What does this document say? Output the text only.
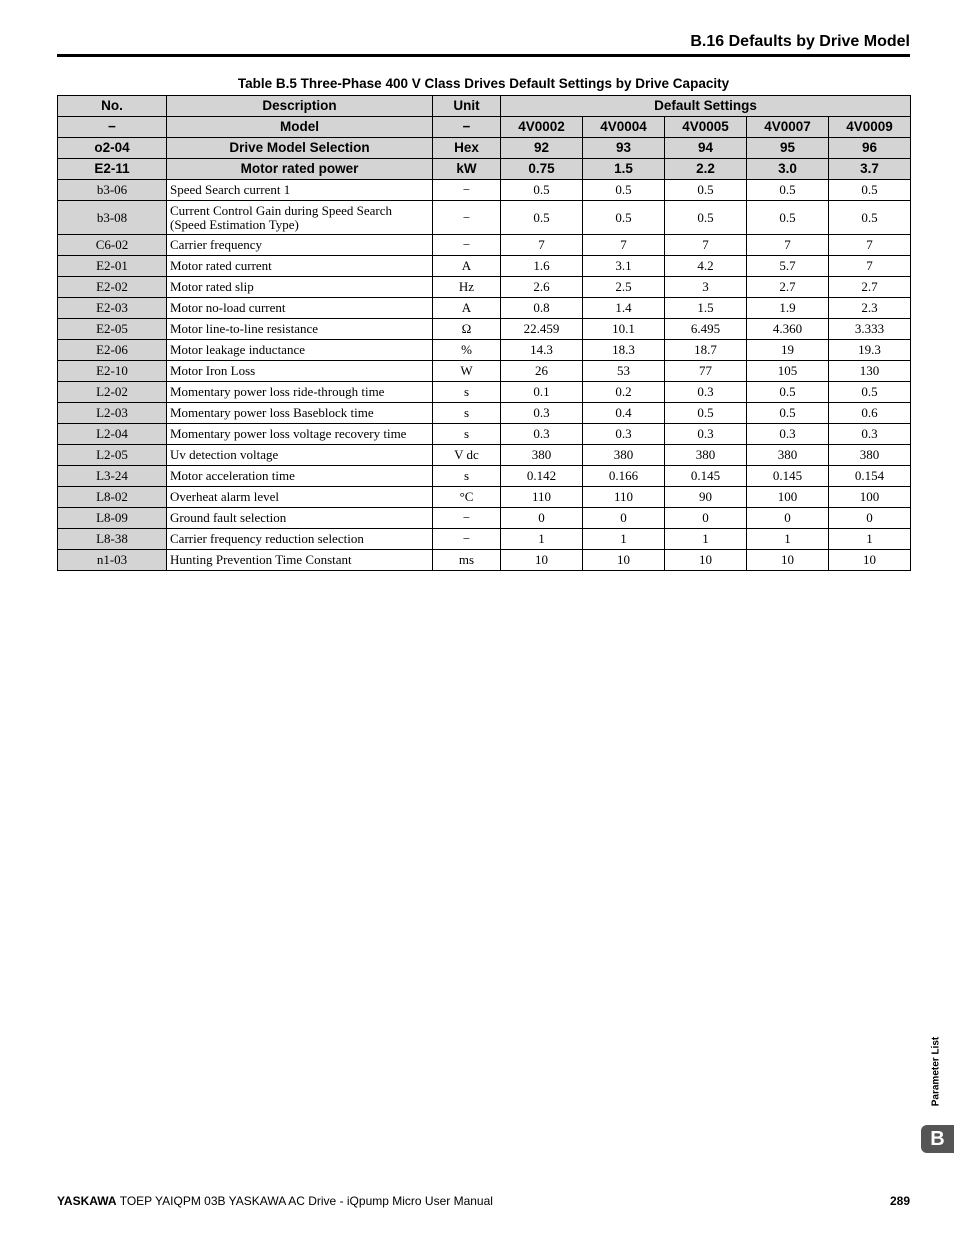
B.16 Defaults by Drive Model
Table B.5 Three-Phase 400 V Class Drives Default Settings by Drive Capacity
No.	Description	Unit	Default Settings				
−	Model	−	4V0002	4V0004	4V0005	4V0007	4V0009
o2-04	Drive Model Selection	Hex	92	93	94	95	96
E2-11	Motor rated power	kW	0.75	1.5	2.2	3.0	3.7
b3-06	Speed Search current 1	−	0.5	0.5	0.5	0.5	0.5
b3-08	Current Control Gain during Speed Search (Speed Estimation Type)	−	0.5	0.5	0.5	0.5	0.5
C6-02	Carrier frequency	−	7	7	7	7	7
E2-01	Motor rated current	A	1.6	3.1	4.2	5.7	7
E2-02	Motor rated slip	Hz	2.6	2.5	3	2.7	2.7
E2-03	Motor no-load current	A	0.8	1.4	1.5	1.9	2.3
E2-05	Motor line-to-line resistance	Ω	22.459	10.1	6.495	4.360	3.333
E2-06	Motor leakage inductance	%	14.3	18.3	18.7	19	19.3
E2-10	Motor Iron Loss	W	26	53	77	105	130
L2-02	Momentary power loss ride-through time	s	0.1	0.2	0.3	0.5	0.5
L2-03	Momentary power loss Baseblock time	s	0.3	0.4	0.5	0.5	0.6
L2-04	Momentary power loss voltage recovery time	s	0.3	0.3	0.3	0.3	0.3
L2-05	Uv detection voltage	V dc	380	380	380	380	380
L3-24	Motor acceleration time	s	0.142	0.166	0.145	0.145	0.154
L8-02	Overheat alarm level	°C	110	110	90	100	100
L8-09	Ground fault selection	−	0	0	0	0	0
L8-38	Carrier frequency reduction selection	−	1	1	1	1	1
n1-03	Hunting Prevention Time Constant	ms	10	10	10	10	10
Parameter List
B
YASKAWA TOEP YAIQPM 03B YASKAWA AC Drive - iQpump Micro User Manual	289
